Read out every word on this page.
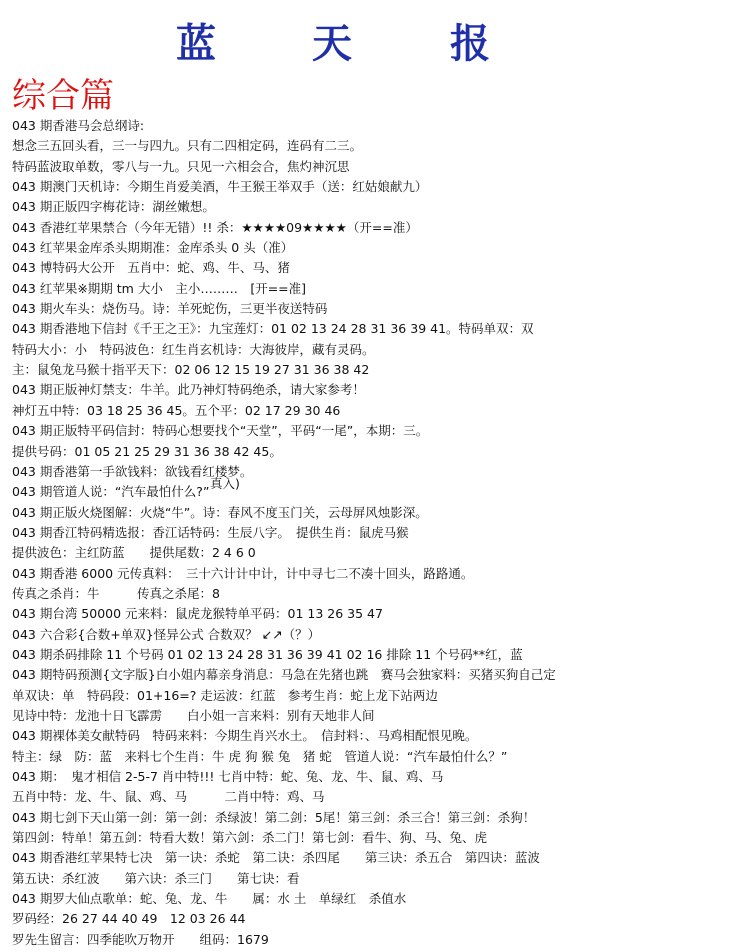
蓝 天 报
综合篇
043 期香港马会总纲诗:
想念三五回头看，三一与四九。只有二四相定码，连码有二三。
特码蓝波取单数，零八与一九。只见一六相会合，焦灼神沉思
043 期澳门天机诗：今期生肖爱美酒，牛王猴王举双手（送：红姑娘献九）
043 期正版四字梅花诗：湖丝嫩想。
043 香港红苹果禁合（今年无错）!! 杀：★★★★09★★★★（开==准）
043 红苹果金库杀头期期准：金库杀头 0 头（准）
043 博特码大公开　五肖中：蛇、鸡、牛、马、猪
043 红苹果※期期 tm 大小　主小………　[开==准]
043 期火车头：烧伤马。诗：羊死蛇伤，三更半夜送特码
043 期香港地下信封《千王之王》：九宝莲灯：01 02 13 24 28 31 36 39 41。特码单双：双
特码大小：小　特码波色：红生肖玄机诗：大海彼岸，藏有灵码。
主：鼠兔龙马猴十指平天下：02 06 12 15 19 27 31 36 38 42
043 期正版神灯禁支：牛羊。此乃神灯特码绝杀，请大家参考！
神灯五中特：03 18 25 36 45。五个平：02 17 29 30 46
043 期正版特平码信封：特码心想要找个“天堂”，平码“一尾”，本期：三。
提供号码：01 05 21 25 29 31 36 38 42 45。
043 期香港第一手欲钱料：欲钱看红楼梦。
043 期管道人说：“汽车最怕什么?”
043 期正版火烧图解：火烧“牛”。诗：春风不度玉门关，云母屏风烛影深。
043 期香江特码精选报：香江话特码：生辰八字。　提供生肖：鼠虎马猴
提供波色：主红防蓝　　提供尾数：2 4 6 0
043 期香港 6000 元传真料：　三十六计计中计，计中寻七二不凑十回头，路路通。
传真之杀肖：牛　　　传真之杀尾：8
043 期台湾 50000 元来料：鼠虎龙猴特单平码：01 13 26 35 47
043 六合彩{合数+单双}怪异公式 合数双？ ↙↗（？）
043 期杀码排除 11 个号码 01 02 13 24 28 31 36 39 41 02 16 排除 11 个号码**红，蓝
043 期特码预测{文字版}白小姐内幕亲身消息：马急在先猪也跳　赛马会独家料：买猪买狗自己定
单双诀：单　特码段：01+16=? 走运波：红蓝　参考生肖：蛇上龙下站两边
见诗中特：龙池十日飞霹雳　　白小姐一言来料：别有天地非人间
043 期裸体美女献特码　特码来料：今期生肖兴水土。　信封料：、马鸡相配恨见晚。
特主：绿　防：蓝　来料七个生肖：牛 虎 狗 猴 兔　猪 蛇　管道人说：“汽车最怕什么？”
043 期：　鬼才相信 2-5-7 肖中特!!! 七肖中特：蛇、兔、龙、牛、鼠、鸡、马
五肖中特：龙、牛、鼠、鸡、马　　　二肖中特：鸡、马
043 期七剑下天山第一剑：第一剑：杀绿波！第二剑：5尾！第三剑：杀三合！第三剑：杀狗！
第四剑：特单！第五剑：特看大数！第六剑：杀二门！第七剑：看牛、狗、马、兔、虎
043 期香港红苹果特七决　第一诀：杀蛇　第二诀：杀四尾　　第三诀：杀五合　第四诀：蓝波
第五诀：杀红波　　第六诀：杀三门　　第七诀：看
043 期罗大仙点歌单：蛇、兔、龙、牛　　属：水 土　单绿红　杀值水
罗码经：26 27 44 40 49　12 03 26 44
罗先生留言：四季能吹万物开　　组码：1679
真入)
